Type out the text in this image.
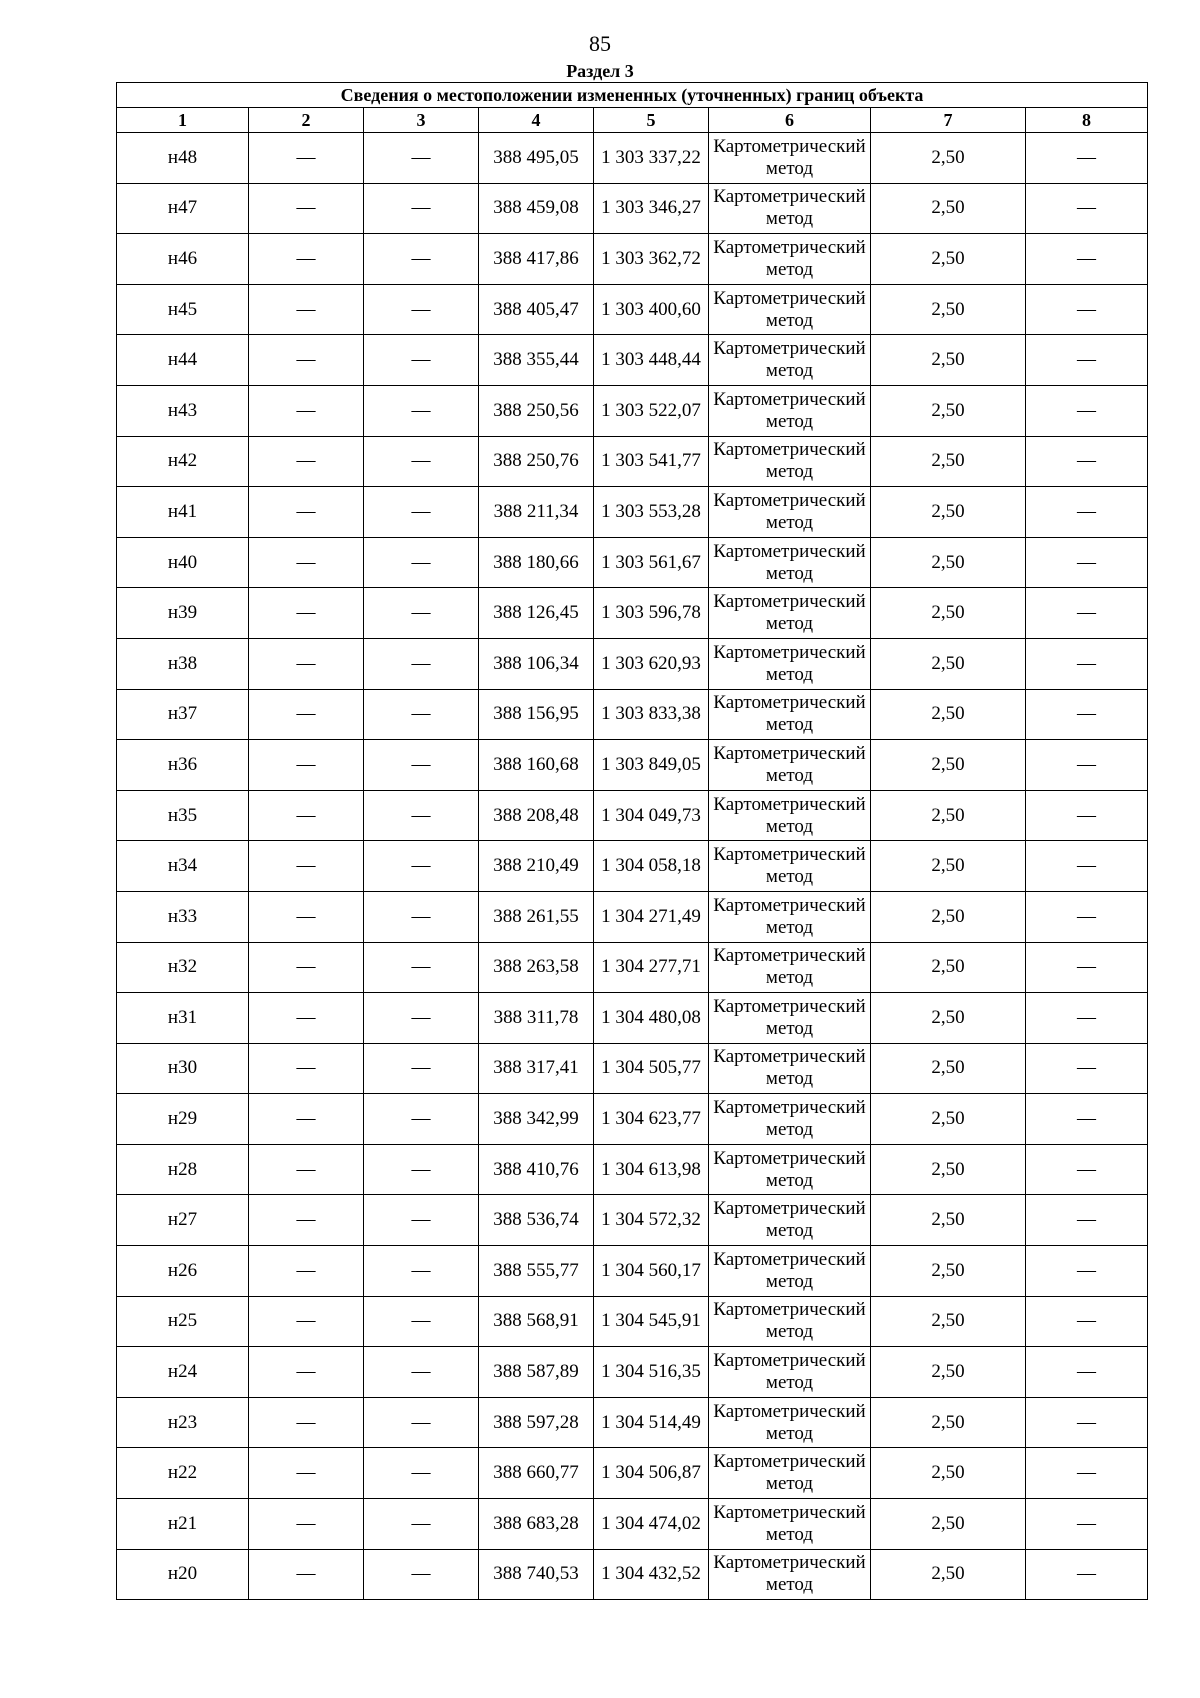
85
Раздел 3
Сведения о местоположении измененных (уточненных) границ объекта							
1	2	3	4	5	6	7	8
н48	—	—	388 495,05	1 303 337,22	Картометрический метод	2,50	—
н47	—	—	388 459,08	1 303 346,27	Картометрический метод	2,50	—
н46	—	—	388 417,86	1 303 362,72	Картометрический метод	2,50	—
н45	—	—	388 405,47	1 303 400,60	Картометрический метод	2,50	—
н44	—	—	388 355,44	1 303 448,44	Картометрический метод	2,50	—
н43	—	—	388 250,56	1 303 522,07	Картометрический метод	2,50	—
н42	—	—	388 250,76	1 303 541,77	Картометрический метод	2,50	—
н41	—	—	388 211,34	1 303 553,28	Картометрический метод	2,50	—
н40	—	—	388 180,66	1 303 561,67	Картометрический метод	2,50	—
н39	—	—	388 126,45	1 303 596,78	Картометрический метод	2,50	—
н38	—	—	388 106,34	1 303 620,93	Картометрический метод	2,50	—
н37	—	—	388 156,95	1 303 833,38	Картометрический метод	2,50	—
н36	—	—	388 160,68	1 303 849,05	Картометрический метод	2,50	—
н35	—	—	388 208,48	1 304 049,73	Картометрический метод	2,50	—
н34	—	—	388 210,49	1 304 058,18	Картометрический метод	2,50	—
н33	—	—	388 261,55	1 304 271,49	Картометрический метод	2,50	—
н32	—	—	388 263,58	1 304 277,71	Картометрический метод	2,50	—
н31	—	—	388 311,78	1 304 480,08	Картометрический метод	2,50	—
н30	—	—	388 317,41	1 304 505,77	Картометрический метод	2,50	—
н29	—	—	388 342,99	1 304 623,77	Картометрический метод	2,50	—
н28	—	—	388 410,76	1 304 613,98	Картометрический метод	2,50	—
н27	—	—	388 536,74	1 304 572,32	Картометрический метод	2,50	—
н26	—	—	388 555,77	1 304 560,17	Картометрический метод	2,50	—
н25	—	—	388 568,91	1 304 545,91	Картометрический метод	2,50	—
н24	—	—	388 587,89	1 304 516,35	Картометрический метод	2,50	—
н23	—	—	388 597,28	1 304 514,49	Картометрический метод	2,50	—
н22	—	—	388 660,77	1 304 506,87	Картометрический метод	2,50	—
н21	—	—	388 683,28	1 304 474,02	Картометрический метод	2,50	—
н20	—	—	388 740,53	1 304 432,52	Картометрический метод	2,50	—
